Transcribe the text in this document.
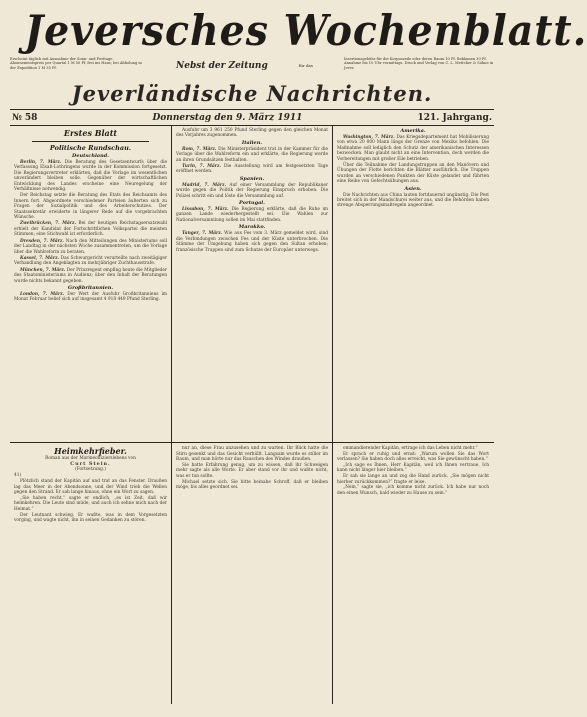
Jeversches Wochenblatt.
Erscheint täglich mit Ausnahme der Sonn- und Festtage. Abonnementspreis per Quartal 1 M 50 Pf, frei ins Haus; bei Abholung in der Expedition 1 M 35 Pf.	Nebst der Zeitung	für das
Insertionsgebühr für die Korpuszeile oder deren Raum 10 Pf. Reklamen 30 Pf. Annahme bis 10 Uhr vormittags. Druck und Verlag von C. L. Mettcker & Söhne in Jever.
Jeverländische Nachrichten.
№ 58	Donnerstag den 9. März 1911	121. Jahrgang.
Erstes Blatt
Politische Rundschau.
Deutschland.

Berlin, 7. März. Die Beratung des Gesetzentwurfs über die Verfassung Elsaß-Lothringens wurde in der Kommission fortgesetzt. Die Regierungsvertreter erklärten, daß die Vorlage im wesentlichen unverändert bleiben solle. Gegenüber der wirtschaftlichen Entwicklung des Landes erscheine eine Neuregelung der Verhältnisse notwendig.

Der Reichstag setzte die Beratung des Etats des Reichsamts des Innern fort. Abgeordnete verschiedener Parteien äußerten sich zu Fragen der Sozialpolitik und des Arbeiterschutzes. Der Staatssekretär erwiderte in längerer Rede auf die vorgebrachten Wünsche.

Zweibrücken, 7. März. Bei der heutigen Reichstagsersatzwahl erhielt der Kandidat der Fortschrittlichen Volkspartei die meisten Stimmen; eine Stichwahl ist erforderlich.

Dresden, 7. März. Nach den Mitteilungen des Ministeriums soll der Landtag in der nächsten Woche zusammentreten, um die Vorlage über die Wahlreform zu beraten.

Kassel, 7. März. Das Schwurgericht verurteilte nach zweitägiger Verhandlung den Angeklagten zu mehrjähriger Zuchthausstrafe.

München, 7. März. Der Prinzregent empfing heute die Mitglieder des Staatsministeriums in Audienz; über den Inhalt der Beratungen wurde nichts bekannt gegeben.

Großbritannien.

London, 7. März. Der Wert der Ausfuhr Großbritanniens im Monat Februar belief sich auf insgesamt 4 918 449 Pfund Sterling.

Ausfuhr um 3 961 250 Pfund Sterling gegen den gleichen Monat des Vorjahres zugenommen.

Italien.

Rom, 7. März. Die Ministerpräsident trat in der Kammer für die Vorlage über die Wahlreform ein und erklärte, die Regierung werde an ihren Grundsätzen festhalten.

Turin, 7. März. Die Ausstellung wird am festgesetzten Tage eröffnet werden.

Spanien.

Madrid, 7. März. Auf einer Versammlung der Republikaner wurde gegen die Politik der Regierung Einspruch erhoben. Die Polizei schritt ein und löste die Versammlung auf.

Portugal.

Lissabon, 7. März. Die Regierung erklärte, daß die Ruhe im ganzen Lande wiederhergestellt sei. Die Wahlen zur Nationalversammlung sollen im Mai stattfinden.

Marokko.

Tanger, 7. März. Wie aus Fes vom 3. März gemeldet wird, sind die Verbindungen zwischen Fes und der Küste unterbrochen. Die Stämme der Umgebung haben sich gegen den Sultan erhoben; französische Truppen sind zum Schutze der Europäer unterwegs.

Amerika.

Washington, 7. März. Das Kriegsdepartement hat Mobilisierung von etwa 20 000 Mann längs der Grenze von Mexiko befohlen. Die Maßnahme soll lediglich den Schutz der amerikanischen Interessen bezwecken. Man glaubt nicht an eine Intervention, doch werden die Vorbereitungen mit großer Eile betrieben.

Über die Teilnahme der Landungstruppen an den Manövern und Übungen der Flotte berichten die Blätter ausführlich. Die Truppen wurden an verschiedenen Punkten der Küste gelandet und führten eine Reihe von Gefechtsübungen aus.

Asien.

Die Nachrichten aus China lauten fortdauernd ungünstig. Die Pest breitet sich in der Mandschurei weiter aus, und die Behörden haben strenge Absperrungsmaßregeln angeordnet.

Heimkehrfieber.
Roman aus der Marineoffizierslebens von
Curt Stein.
(Fortsetzung.)
41)

Plötzlich stand der Kapitän auf und trat an das Fenster. Draußen lag das Meer in der Abendsonne, und der Wind trieb die Wellen gegen den Strand. Er sah lange hinaus, ohne ein Wort zu sagen.

„Sie haben recht,“ sagte er endlich, „es ist Zeit, daß wir heimkehren. Die Leute sind müde, und auch ich sehne mich nach der Heimat.“

Der Leutnant schwieg. Er wußte, was in dem Vorgesetzten vorging, und wagte nicht, ihn in seinen Gedanken zu stören.

nur an, diese Frau anzusehen und zu warten. Ihr Blick hatte die Stirn gesenkt und das Gesicht verhüllt. Langsam wurde es stiller im Raum, und man hörte nur das Rauschen des Windes draußen.

Sie hatte Erfahrung genug, um zu wissen, daß ihr Schweigen mehr sagte als alle Worte. Er aber stand vor ihr und wußte nicht, was er tun sollte.

Michael setzte sich. Sie bitte beinahe Schroff, daß er bleiben möge, bis alles geordnet sei.

ommandierender Kapitän, ertrage ich das Leben nicht mehr.“

Er sprach er ruhig und ernst: „Warum wollen Sie das Wort verlassen? Sie haben doch alles erreicht, was Sie gewünscht haben.“

„Ich sage es Ihnen, Herr Kapitän, weil ich Ihnen vertraue. Ich kann nicht länger hier bleiben.“

Er sah sie lange an und zog die Hand zurück. „Sie mögen nicht hierher zurückkommen?“ fragte er leise.

„Nein,“ sagte sie, „ich komme nicht zurück. Ich habe nur noch den einen Wunsch, bald wieder zu Hause zu sein.“
